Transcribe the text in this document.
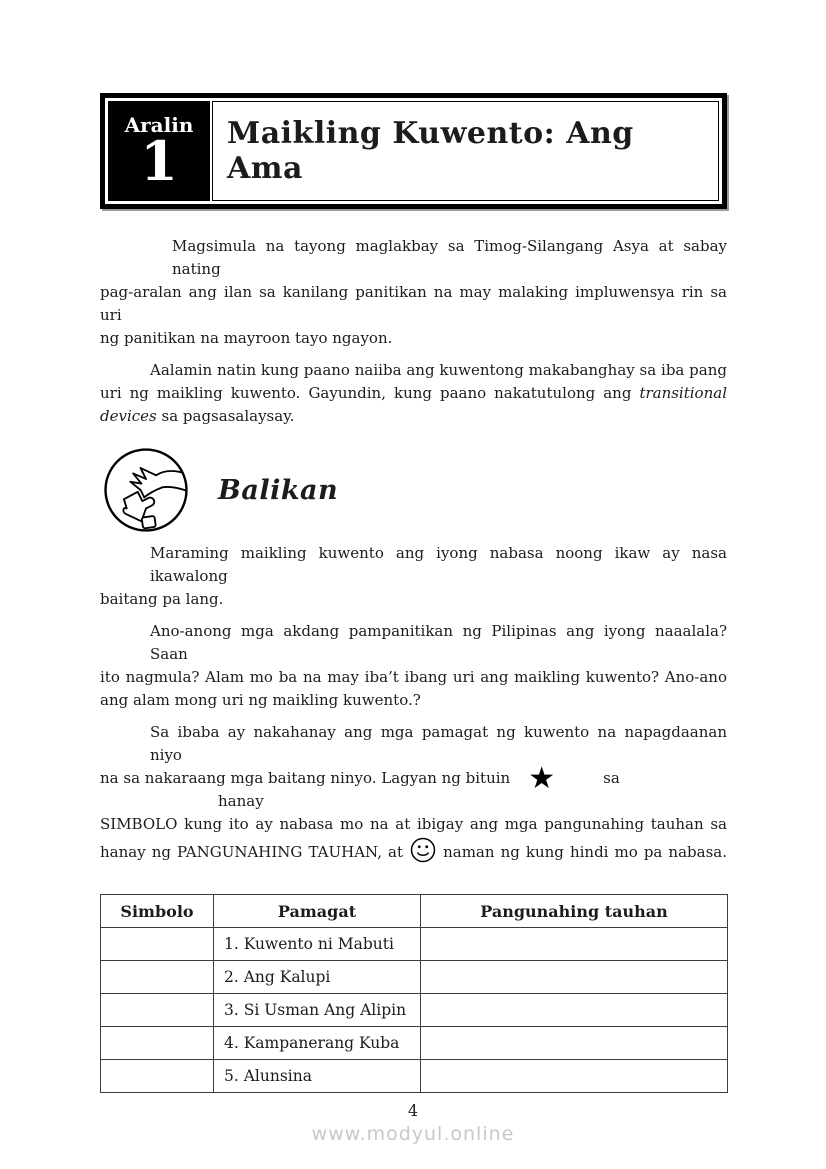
Aralin
1	Maikling Kuwento: Ang Ama
Magsimula na tayong maglakbay sa Timog-Silangang Asya at sabay nating
pag-aralan ang ilan sa kanilang panitikan na may malaking impluwensya rin sa uri
ng panitikan na mayroon tayo ngayon.
Aalamin natin kung paano naiiba ang kuwentong makabanghay sa iba pang
uri ng maikling kuwento. Gayundin, kung paano nakatutulong ang transitional
devices sa pagsasalaysay.
Balikan
Maraming maikling kuwento ang iyong nabasa noong ikaw ay nasa ikawalong
baitang pa lang.
Ano-anong mga akdang pampanitikan ng Pilipinas ang iyong naaalala? Saan
ito nagmula? Alam mo ba na may iba’t ibang uri ang maikling kuwento? Ano-ano
ang alam mong uri ng maikling kuwento.?
Sa ibaba ay nakahanay ang mga pamagat ng kuwento na napagdaanan niyo
na sa nakaraang mga baitang ninyo. Lagyan ng bituin ★	sahanay
SIMBOLO kung ito ay nabasa mo na at ibigay ang mga pangunahing tauhan sa
hanay ng PANGUNAHING TAUHAN, at  naman ng kung hindi mo pa nabasa.
Simbolo	Pamagat	Pangunahing tauhan
	1. Kuwento ni Mabuti	
	2. Ang Kalupi	
	3. Si Usman Ang Alipin	
	4. Kampanerang Kuba	
	5. Alunsina	
4
www.modyul.online
